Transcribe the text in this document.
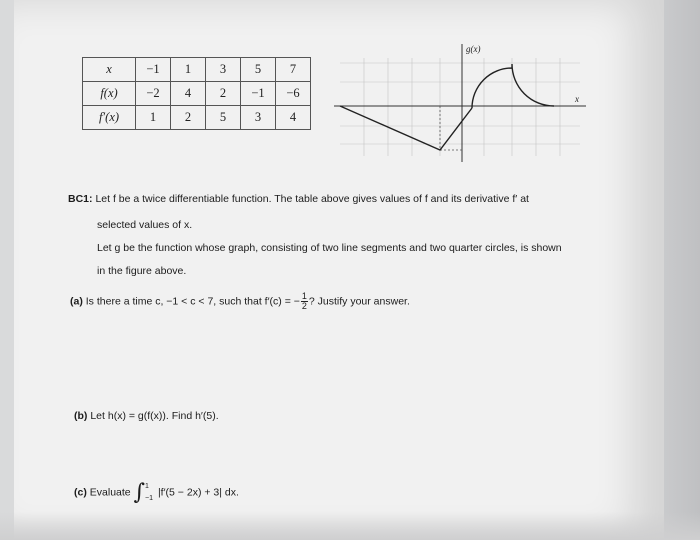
x	−1	1	3	5	7
f(x)	−2	4	2	−1	−6
f′(x)	1	2	5	3	4
g(x)
x
BC1: Let f be a twice differentiable function. The table above gives values of f and its derivative f′ at
selected values of x.
Let g be the function whose graph, consisting of two line segments and two quarter circles, is shown
in the figure above.
(a) Is there a time c, −1 < c < 7, such that f′(c) = − $\frac{1}{2}$ ? Justify your answer.
(b) Let h(x) = g(f(x)). Find h′(5).
(c) Evaluate ∫ 1
−1 |f′(5 − 2x) + 3| dx.
